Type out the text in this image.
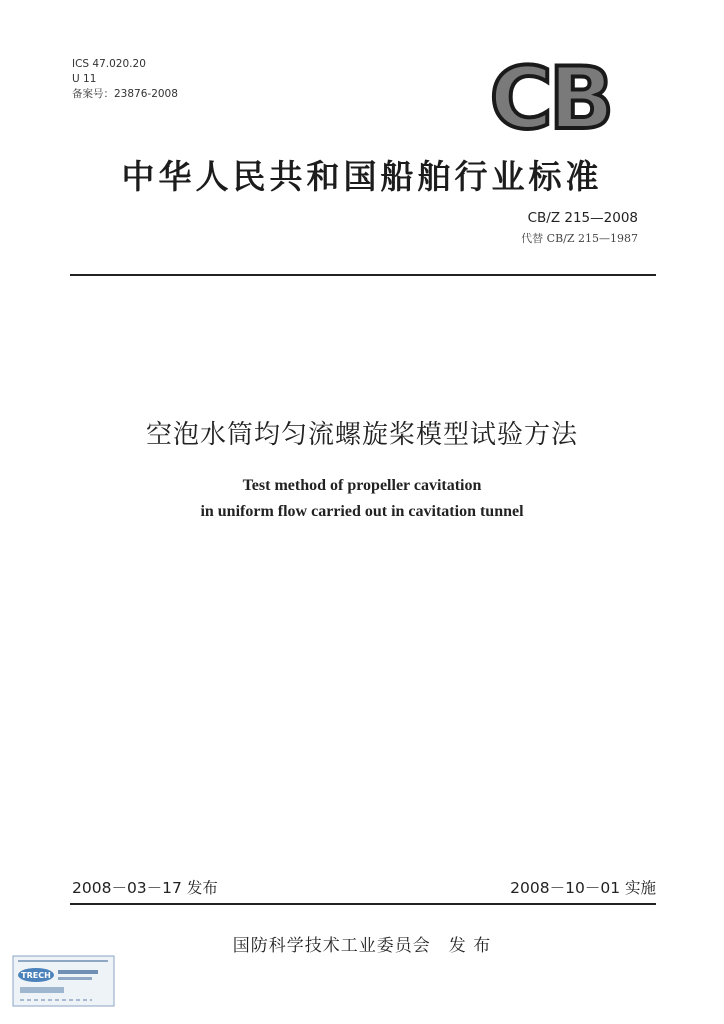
ICS 47.020.20
U 11
备案号：23876-2008	CB
中华人民共和国船舶行业标准
CB/Z 215—2008
代替 CB/Z 215—1987
空泡水筒均匀流螺旋桨模型试验方法
Test method of propeller cavitation
in uniform flow carried out in cavitation tunnel
2008－03－17 发布	2008－10－01 实施
国防科学技术工业委员会　发 布
TRECH
